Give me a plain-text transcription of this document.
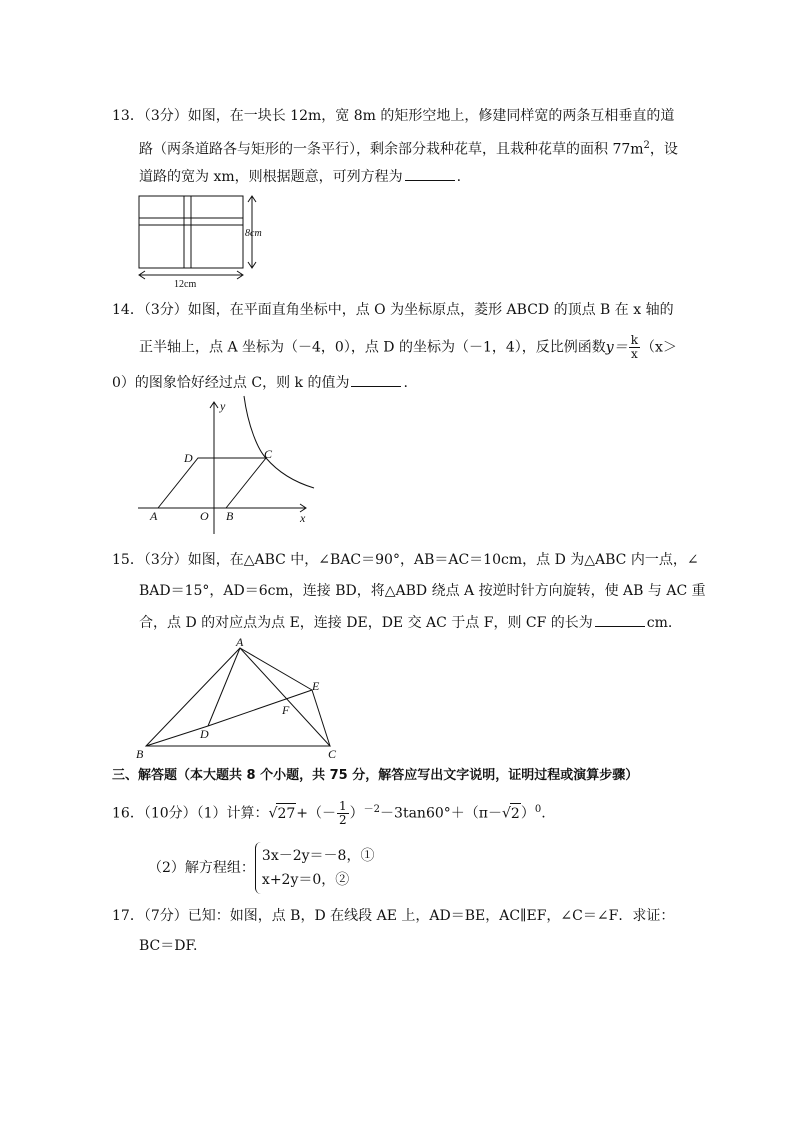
13．（3分）如图，在一块长 12m，宽 8m 的矩形空地上，修建同样宽的两条互相垂直的道
路（两条道路各与矩形的一条平行），剩余部分栽种花草，且栽种花草的面积 $77m^2$，设
道路的宽为 xm，则根据题意，可列方程为	.
8cm
12cm
14．（3分）如图，在平面直角坐标中，点 O 为坐标原点，菱形 ABCD 的顶点 B 在 x 轴的
正半轴上，点 A 坐标为（－4，0），点 D 的坐标为（－1，4），反比例函数$y= \frac{k}{x} (x>$
0）的图象恰好经过点 C，则 k 的值为	.
y
x
D	C
A	O B
15．（3分）如图，在△ABC 中，∠BAC＝90°，AB＝AC＝10cm，点 D 为△ABC 内一点，∠
BAD＝15°，AD＝6cm，连接 BD，将△ABD 绕点 A 按逆时针方向旋转，使 AB 与 AC 重
合，点 D 的对应点为点 E，连接 DE，DE 交 AC 于点 F，则 CF 的长为	cm.
A
E
F
D
B	C
三、解答题（本大题共 8 个小题，共 75 分，解答应写出文字说明，证明过程或演算步骤）
16．（10分）（1）计算：$√27+(- \frac{1}{2} )^{-2}-3\tan 60^\circ+(\pi-√2)^0$.
（2）解方程组：
3x－2y＝－8，①
x+2y＝0，②
17．（7分）已知：如图，点 B，D 在线段 AE 上，AD＝BE，AC∥EF，∠C＝∠F．求证：
BC＝DF.
